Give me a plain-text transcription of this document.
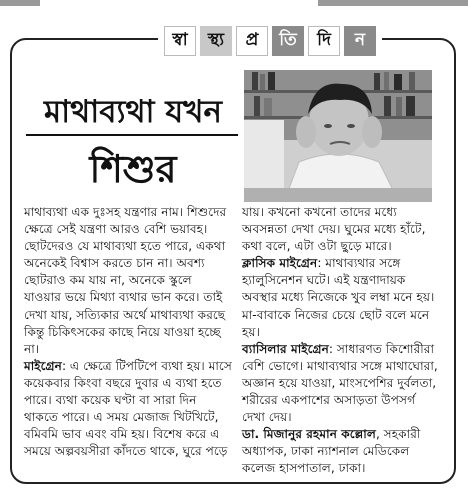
স্বা	স্থ্য	প্র	তি	দি	ন
মাথাব্যথা যখন
শিশুর

মাথাব্যথা এক দুঃসহ যন্ত্রণার নাম। শিশুদের ক্ষেত্রে সেই যন্ত্রণা আরও বেশি ভয়াবহ। ছোটদেরও যে মাথাব্যথা হতে পারে, একথা অনেকেই বিশ্বাস করতে চান না। অবশ্য ছোটরাও কম যায় না, অনেকে স্কুলে যাওয়ার ভয়ে মিথ্যা ব্যথার ভান করে। তাই দেখা যায়, সত্যিকার অর্থে মাথাব্যথা করছে কিন্তু চিকিৎসকের কাছে নিয়ে যাওয়া হচ্ছে না।

মাইগ্রেন: এ ক্ষেত্রে টিপটিপে ব্যথা হয়। মাসে কয়েকবার কিংবা বছরে দুবার এ ব্যথা হতে পারে। ব্যথা কয়েক ঘণ্টা বা সারা দিন থাকতে পারে। এ সময় মেজাজ খিটখিটে, বমিবমি ভাব এবং বমি হয়। বিশেষ করে এ সময়ে অল্পবয়সীরা কাঁদতে থাকে, ঘুরে পড়ে

যায়। কখনো কখনো তাদের মধ্যে অবসন্নতা দেখা দেয়। ঘুমের মধ্যে হাঁটে, কথা বলে, এটা ওটা ছুড়ে মারে।

ক্লাসিক মাইগ্রেন: মাথাব্যথার সঙ্গে হ্যালুসিনেশন ঘটে। এই যন্ত্রণাদায়ক অবস্থার মধ্যে নিজেকে খুব লম্বা মনে হয়। মা-বাবাকে নিজের চেয়ে ছোট বলে মনে হয়।

ব্যাসিলার মাইগ্রেন: সাধারণত কিশোরীরা বেশি ভোগে। মাথাব্যথার সঙ্গে মাথাঘোরা, অজ্ঞান হয়ে যাওয়া, মাংসপেশির দুর্বলতা, শরীরের একপাশের অসাড়তা উপসর্গ দেখা দেয়।

ডা. মিজানুর রহমান কল্লোল, সহকারী অধ্যাপক, ঢাকা ন্যাশনাল মেডিকেল কলেজ হাসপাতাল, ঢাকা।
